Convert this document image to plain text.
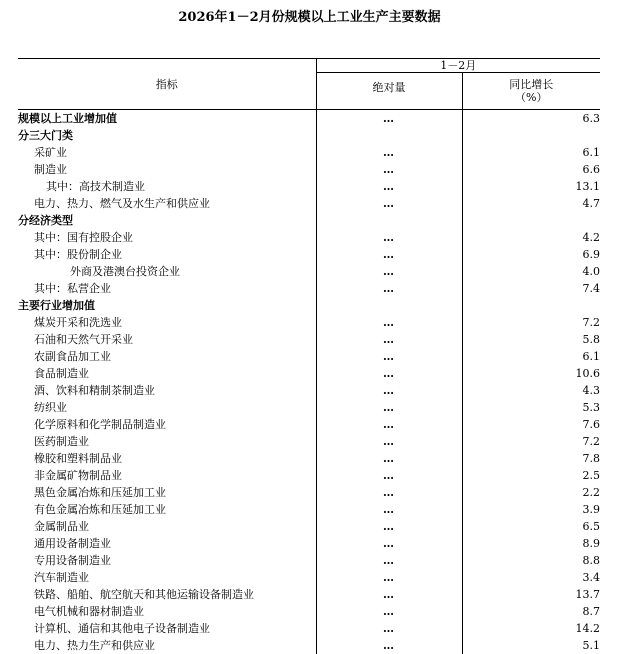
2026年1－2月份规模以上工业生产主要数据
指标	1－2月	
	绝对量	同比增长
（%）
规模以上工业增加值	…	6.3
分三大门类		
采矿业	…	6.1
制造业	…	6.6
其中：高技术制造业	…	13.1
电力、热力、燃气及水生产和供应业	…	4.7
分经济类型		
其中：国有控股企业	…	4.2
其中：股份制企业	…	6.9
外商及港澳台投资企业	…	4.0
其中：私营企业	…	7.4
主要行业增加值		
煤炭开采和洗选业	…	7.2
石油和天然气开采业	…	5.8
农副食品加工业	…	6.1
食品制造业	…	10.6
酒、饮料和精制茶制造业	…	4.3
纺织业	…	5.3
化学原料和化学制品制造业	…	7.6
医药制造业	…	7.2
橡胶和塑料制品业	…	7.8
非金属矿物制品业	…	2.5
黑色金属冶炼和压延加工业	…	2.2
有色金属冶炼和压延加工业	…	3.9
金属制品业	…	6.5
通用设备制造业	…	8.9
专用设备制造业	…	8.8
汽车制造业	…	3.4
铁路、船舶、航空航天和其他运输设备制造业	…	13.7
电气机械和器材制造业	…	8.7
计算机、通信和其他电子设备制造业	…	14.2
电力、热力生产和供应业	…	5.1
